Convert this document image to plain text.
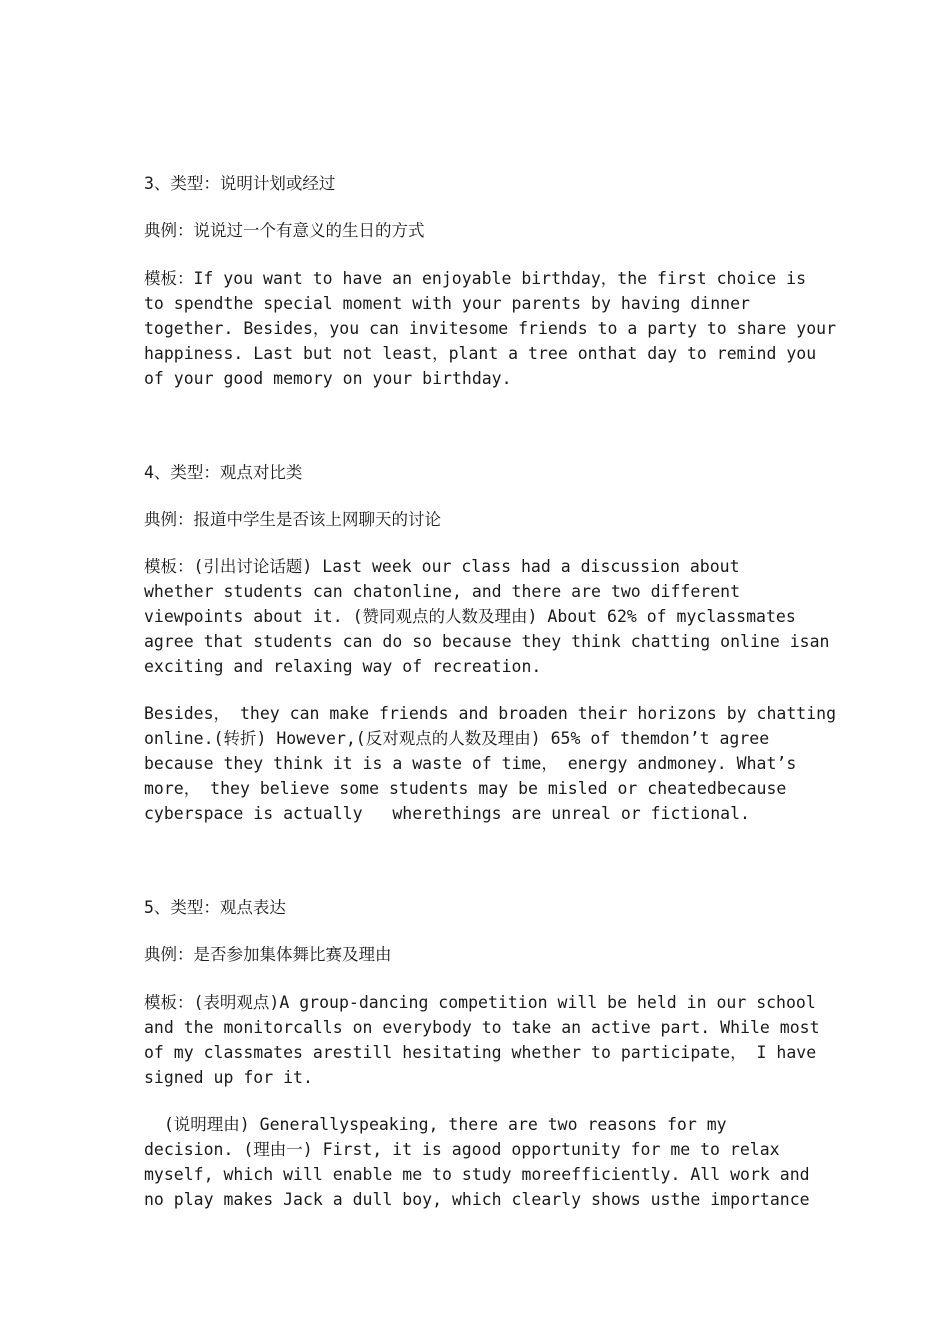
3、类型：说明计划或经过
典例：说说过一个有意义的生日的方式
模板：If you want to have an enjoyable birthday，the first choice is
to spendthe special moment with your parents by having dinner
together. Besides，you can invitesome friends to a party to share your
happiness. Last but not least，plant a tree onthat day to remind you
of your good memory on your birthday.
4、类型：观点对比类
典例：报道中学生是否该上网聊天的讨论
模板：(引出讨论话题) Last week our class had a discussion about
whether students can chatonline, and there are two different
viewpoints about it. (赞同观点的人数及理由) About 62% of myclassmates
agree that students can do so because they think chatting online isan
exciting and relaxing way of recreation.
Besides， they can make friends and broaden their horizons by chatting
online.(转折) However,(反对观点的人数及理由) 65% of themdon’t agree
because they think it is a waste of time， energy andmoney. What’s
more， they believe some students may be misled or cheatedbecause
cyberspace is actually   wherethings are unreal or fictional.
5、类型：观点表达
典例：是否参加集体舞比赛及理由
模板：(表明观点)A group-dancing competition will be held in our school
and the monitorcalls on everybody to take an active part. While most
of my classmates arestill hesitating whether to participate， I have
signed up for it.
(说明理由) Generallyspeaking, there are two reasons for my
decision. (理由一) First, it is agood opportunity for me to relax
myself, which will enable me to study moreefficiently. All work and
no play makes Jack a dull boy, which clearly shows usthe importance
